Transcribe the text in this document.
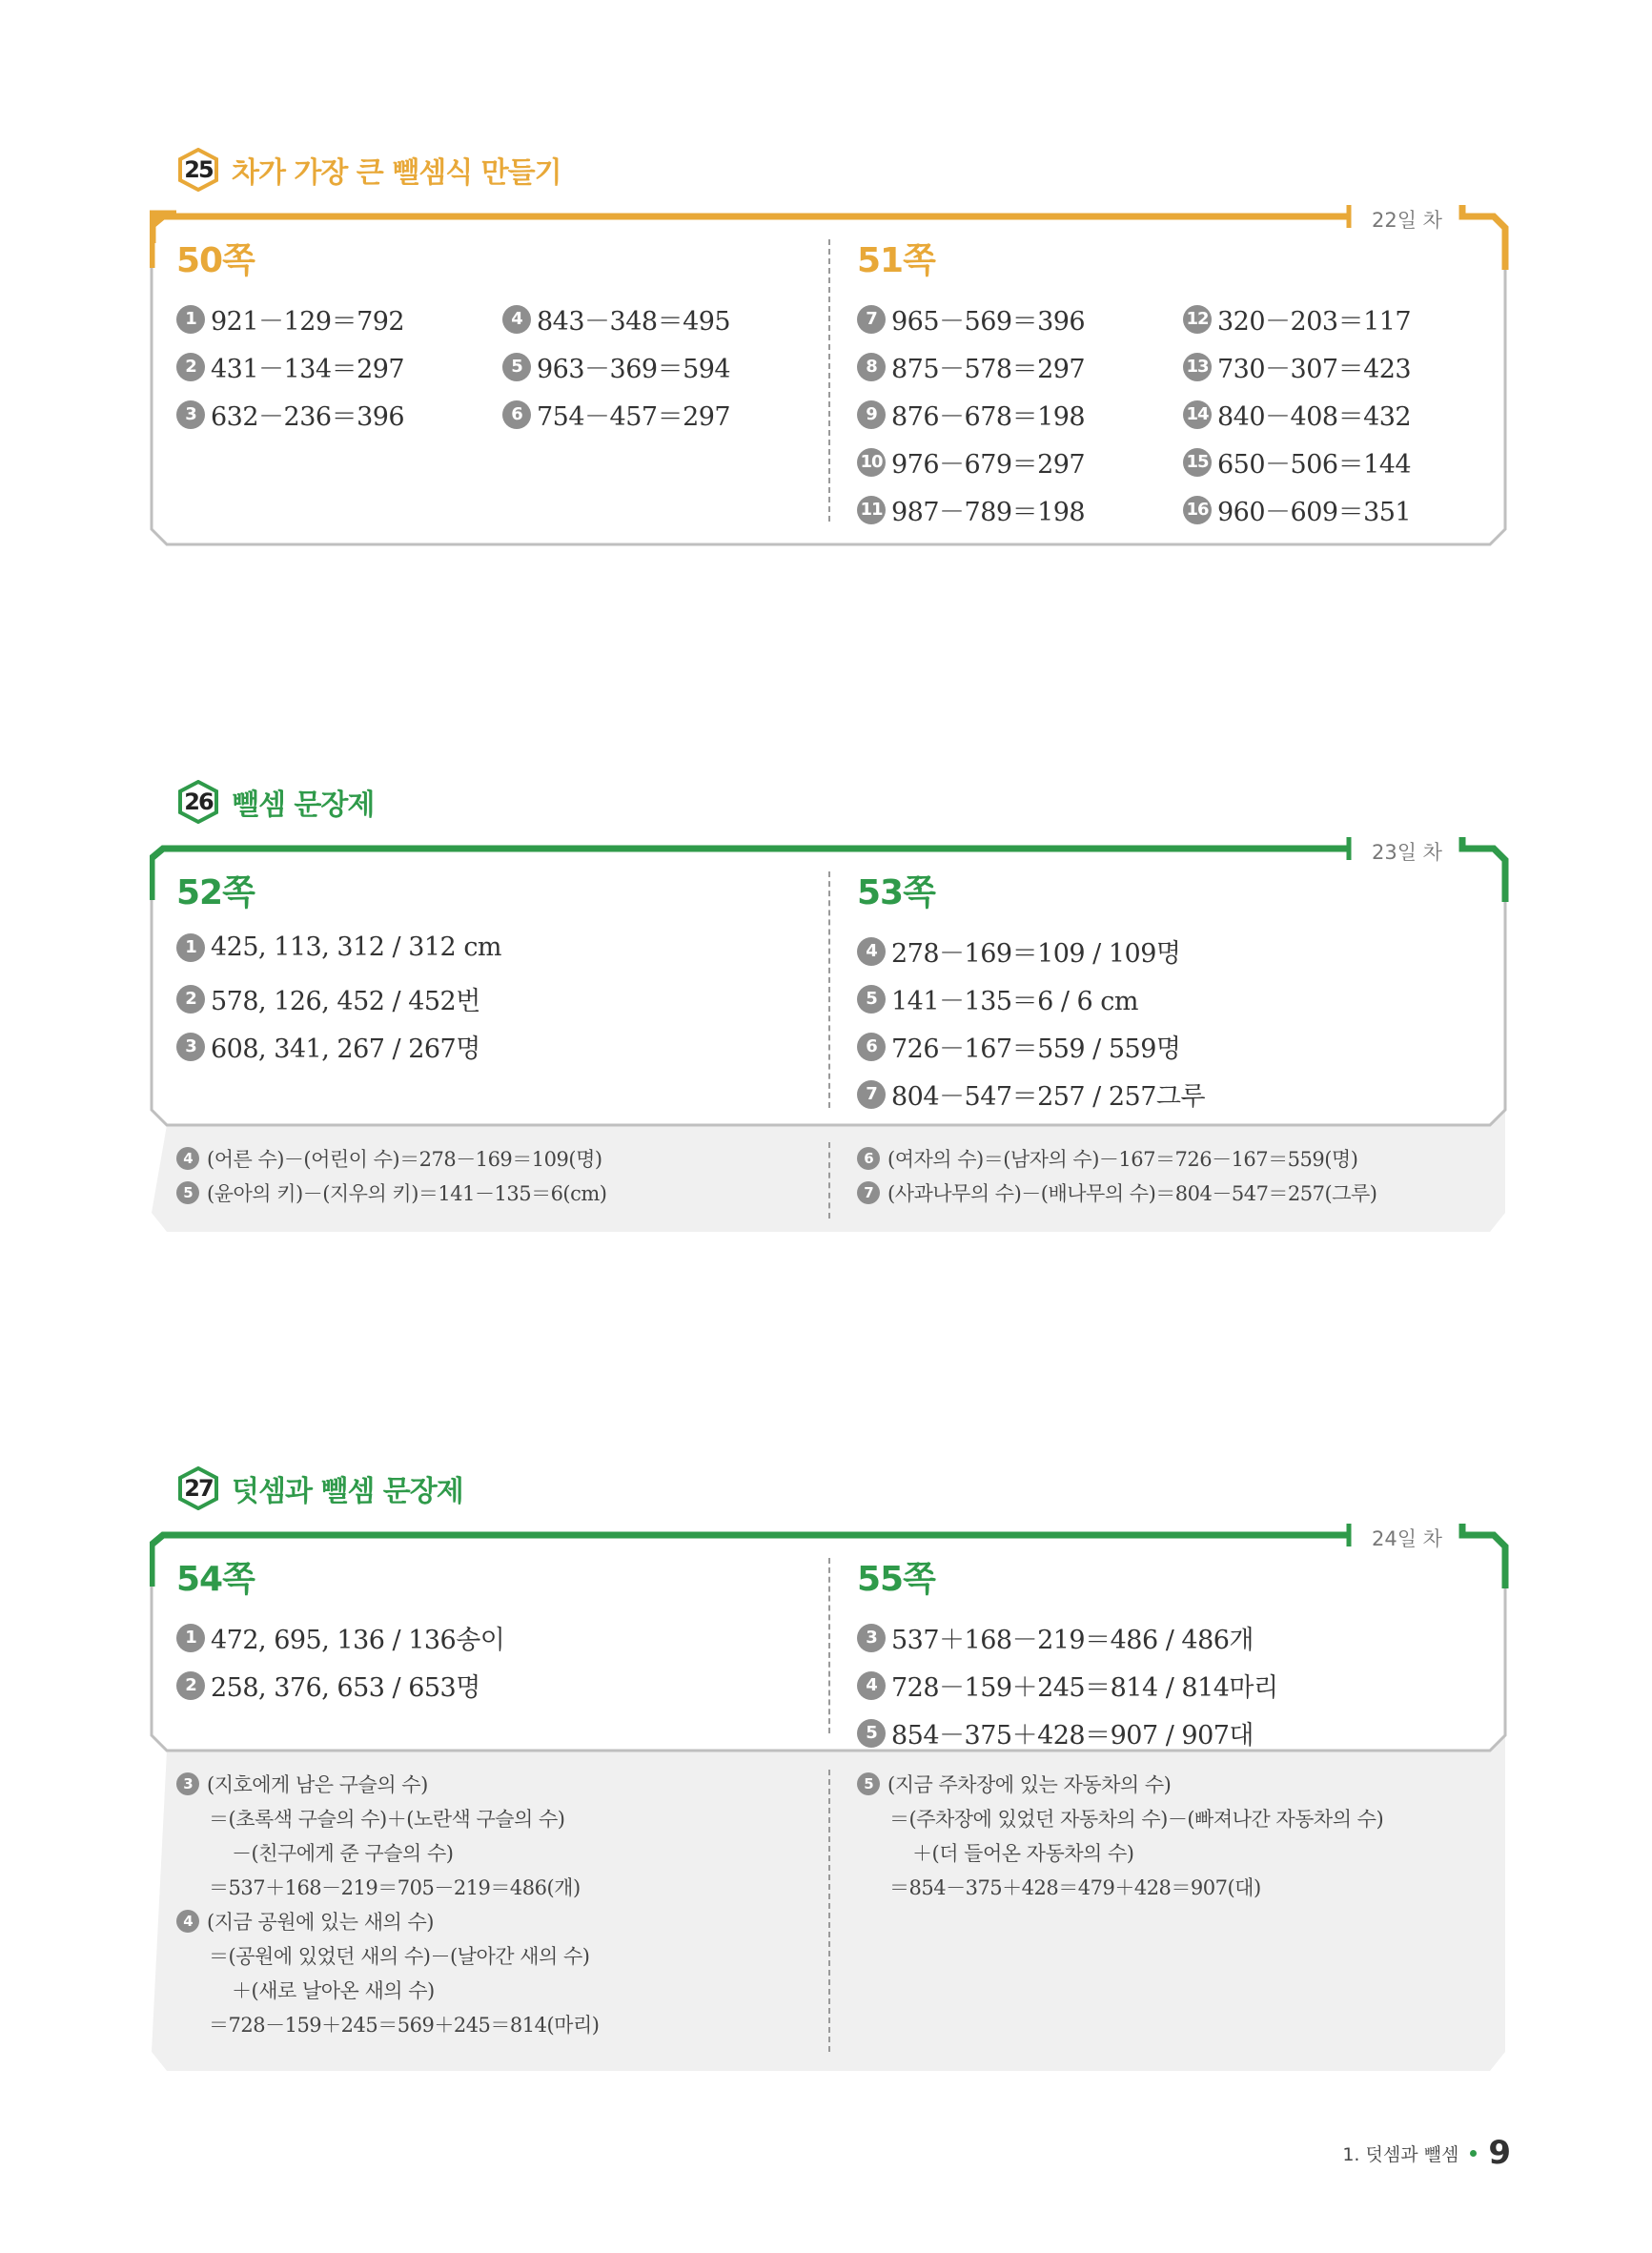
25 차가 가장 큰 뺄셈식 만들기
22일 차
50쪽	51쪽
1 921－129＝792
2 431－134＝297
3 632－236＝396
4 843－348＝495
5 963－369＝594
6 754－457＝297
7 965－569＝396
8 875－578＝297
9 876－678＝198
10 976－679＝297
11 987－789＝198
12 320－203＝117
13 730－307＝423
14 840－408＝432
15 650－506＝144
16 960－609＝351
26 뺄셈 문장제
23일 차
52쪽	53쪽
1 425, 113, 312 / 312 cm
2 578, 126, 452 / 452번
3 608, 341, 267 / 267명
4 278－169＝109 / 109명
5 141－135＝6 / 6 cm
6 726－167＝559 / 559명
7 804－547＝257 / 257그루
4 (어른 수)－(어린이 수)＝278－169＝109(명)
5 (윤아의 키)－(지우의 키)＝141－135＝6(cm)
6 (여자의 수)＝(남자의 수)－167＝726－167＝559(명)
7 (사과나무의 수)－(배나무의 수)＝804－547＝257(그루)
27 덧셈과 뺄셈 문장제
24일 차
54쪽	55쪽
1 472, 695, 136 / 136송이
2 258, 376, 653 / 653명
3 537＋168－219＝486 / 486개
4 728－159＋245＝814 / 814마리
5 854－375＋428＝907 / 907대
3 (지호에게 남은 구슬의 수)
＝(초록색 구슬의 수)＋(노란색 구슬의 수)
－(친구에게 준 구슬의 수)
＝537＋168－219＝705－219＝486(개)
4 (지금 공원에 있는 새의 수)
＝(공원에 있었던 새의 수)－(날아간 새의 수)
＋(새로 날아온 새의 수)
＝728－159＋245＝569＋245＝814(마리)
5 (지금 주차장에 있는 자동차의 수)
＝(주차장에 있었던 자동차의 수)－(빠져나간 자동차의 수)
＋(더 들어온 자동차의 수)
＝854－375＋428＝479＋428＝907(대)
1. 덧셈과 뺄셈 9
